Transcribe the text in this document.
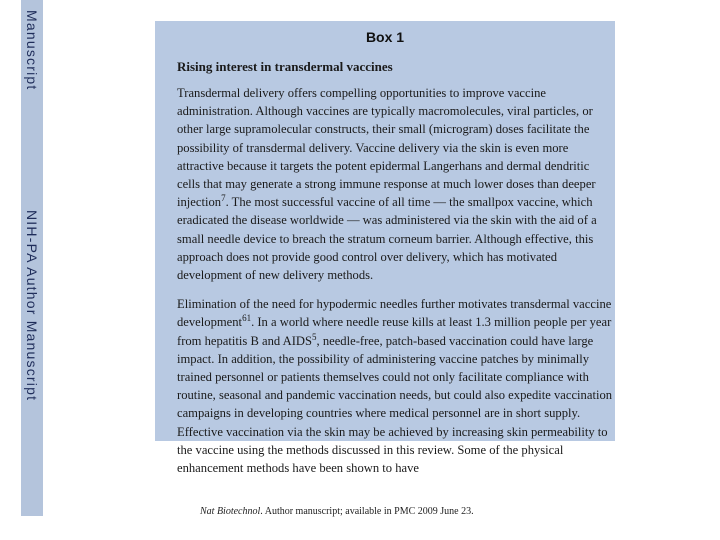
Manuscript
NIH-PA Author Manuscript
Box 1
Rising interest in transdermal vaccines

Transdermal delivery offers compelling opportunities to improve vaccine administration. Although vaccines are typically macromolecules, viral particles, or other large supramolecular constructs, their small (microgram) doses facilitate the possibility of transdermal delivery. Vaccine delivery via the skin is even more attractive because it targets the potent epidermal Langerhans and dermal dendritic cells that may generate a strong immune response at much lower doses than deeper injection$^7$. The most successful vaccine of all time — the smallpox vaccine, which eradicated the disease worldwide — was administered via the skin with the aid of a small needle device to breach the stratum corneum barrier. Although effective, this approach does not provide good control over delivery, which has motivated development of new delivery methods.

Elimination of the need for hypodermic needles further motivates transdermal vaccine development$^{61}$. In a world where needle reuse kills at least 1.3 million people per year from hepatitis B and AIDS$^5$, needle-free, patch-based vaccination could have large impact. In addition, the possibility of administering vaccine patches by minimally trained personnel or patients themselves could not only facilitate compliance with routine, seasonal and pandemic vaccination needs, but could also expedite vaccination campaigns in developing countries where medical personnel are in short supply. Effective vaccination via the skin may be achieved by increasing skin permeability to the vaccine using the methods discussed in this review. Some of the physical enhancement methods have been shown to have

Nat Biotechnol. Author manuscript; available in PMC 2009 June 23.
